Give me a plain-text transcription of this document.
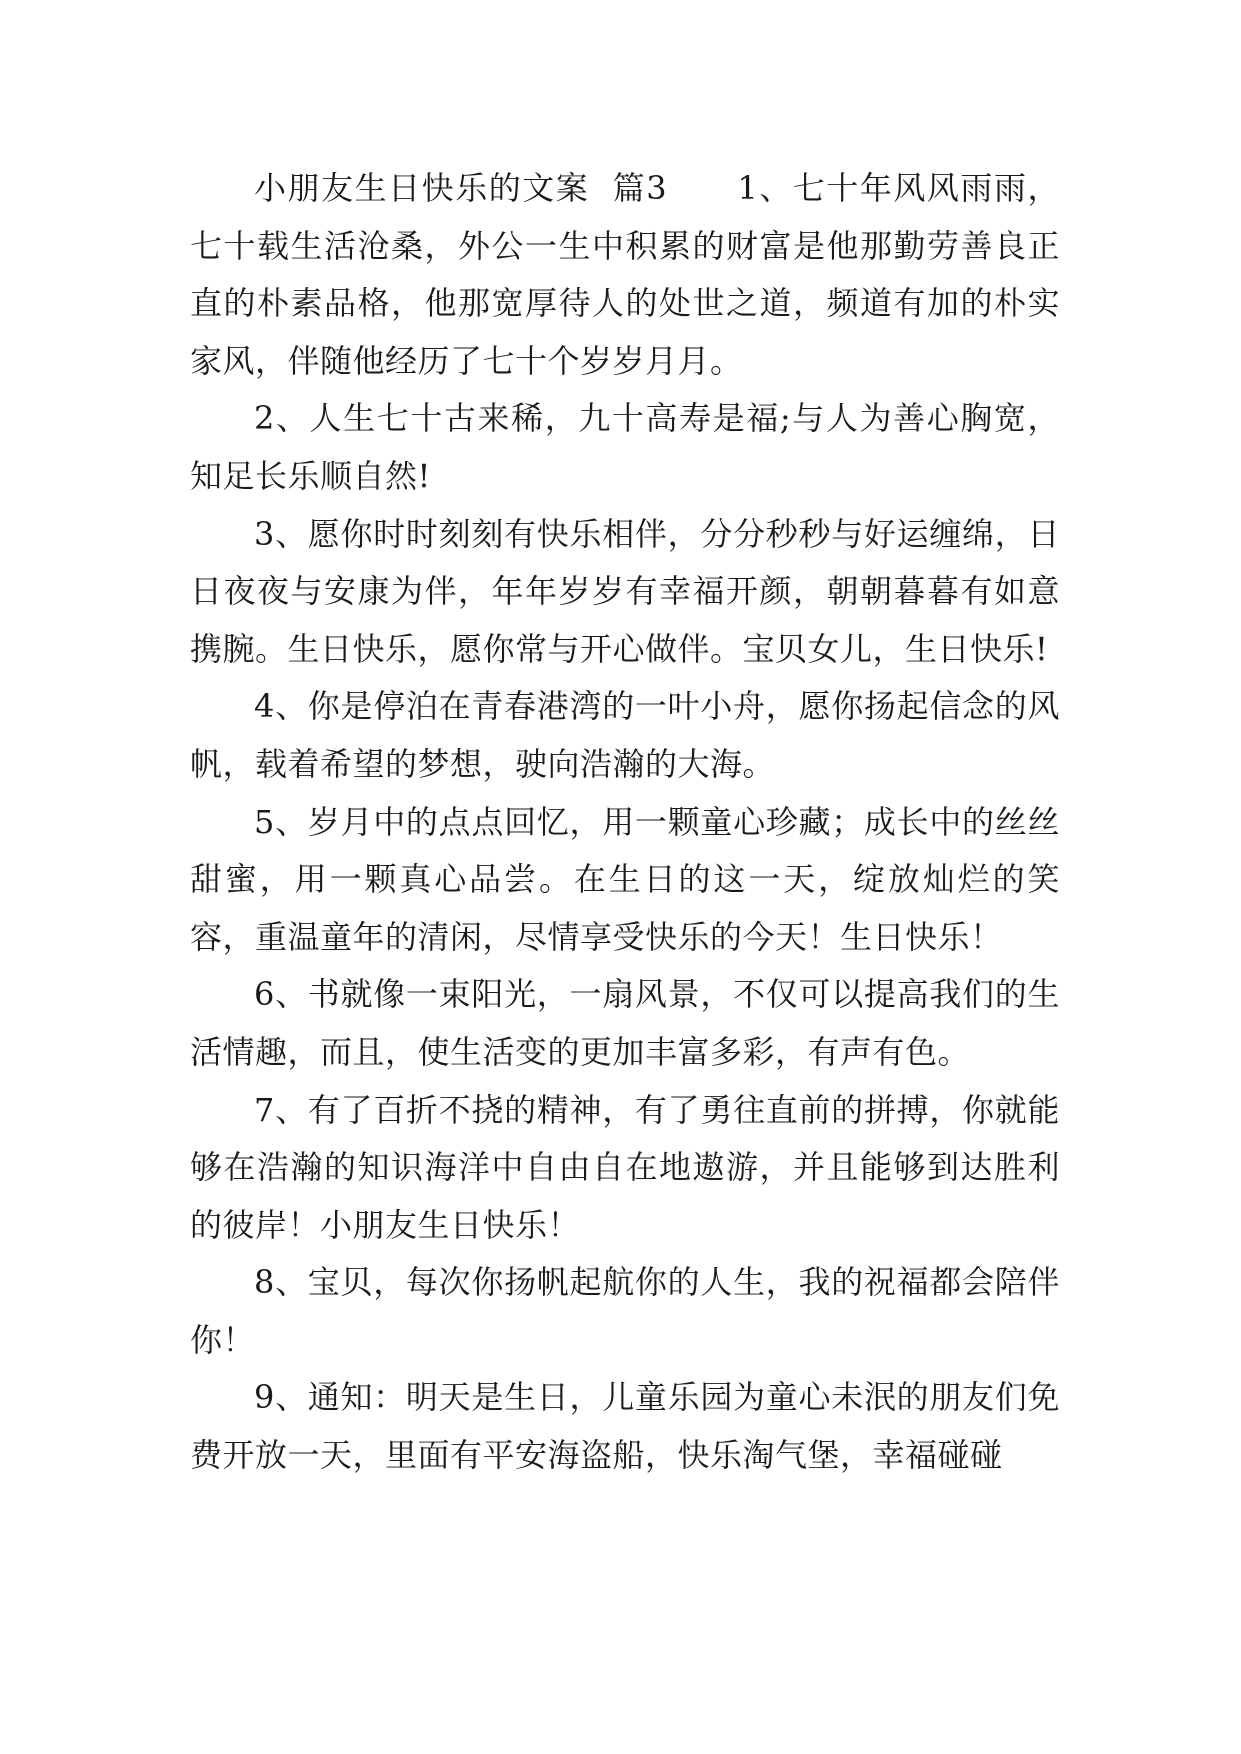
小朋友生日快乐的文案  篇3 1、七十年风风雨雨，七十载生活沧桑，外公一生中积累的财富是他那勤劳善良正直的朴素品格，他那宽厚待人的处世之道，频道有加的朴实家风，伴随他经历了七十个岁岁月月。

2、人生七十古来稀，九十高寿是福;与人为善心胸宽，知足长乐顺自然!

3、愿你时时刻刻有快乐相伴，分分秒秒与好运缠绵，日日夜夜与安康为伴，年年岁岁有幸福开颜，朝朝暮暮有如意携腕。生日快乐，愿你常与开心做伴。宝贝女儿，生日快乐!

4、你是停泊在青春港湾的一叶小舟，愿你扬起信念的风帆，载着希望的梦想，驶向浩瀚的大海。

5、岁月中的点点回忆，用一颗童心珍藏；成长中的丝丝甜蜜，用一颗真心品尝。在生日的这一天，绽放灿烂的笑容，重温童年的清闲，尽情享受快乐的今天！生日快乐！

6、书就像一束阳光，一扇风景，不仅可以提高我们的生活情趣，而且，使生活变的更加丰富多彩，有声有色。

7、有了百折不挠的精神，有了勇往直前的拼搏，你就能够在浩瀚的知识海洋中自由自在地遨游，并且能够到达胜利的彼岸！小朋友生日快乐！

8、宝贝，每次你扬帆起航你的人生，我的祝福都会陪伴你！

9、通知：明天是生日，儿童乐园为童心未泯的朋友们免费开放一天，里面有平安海盗船，快乐淘气堡，幸福碰碰
